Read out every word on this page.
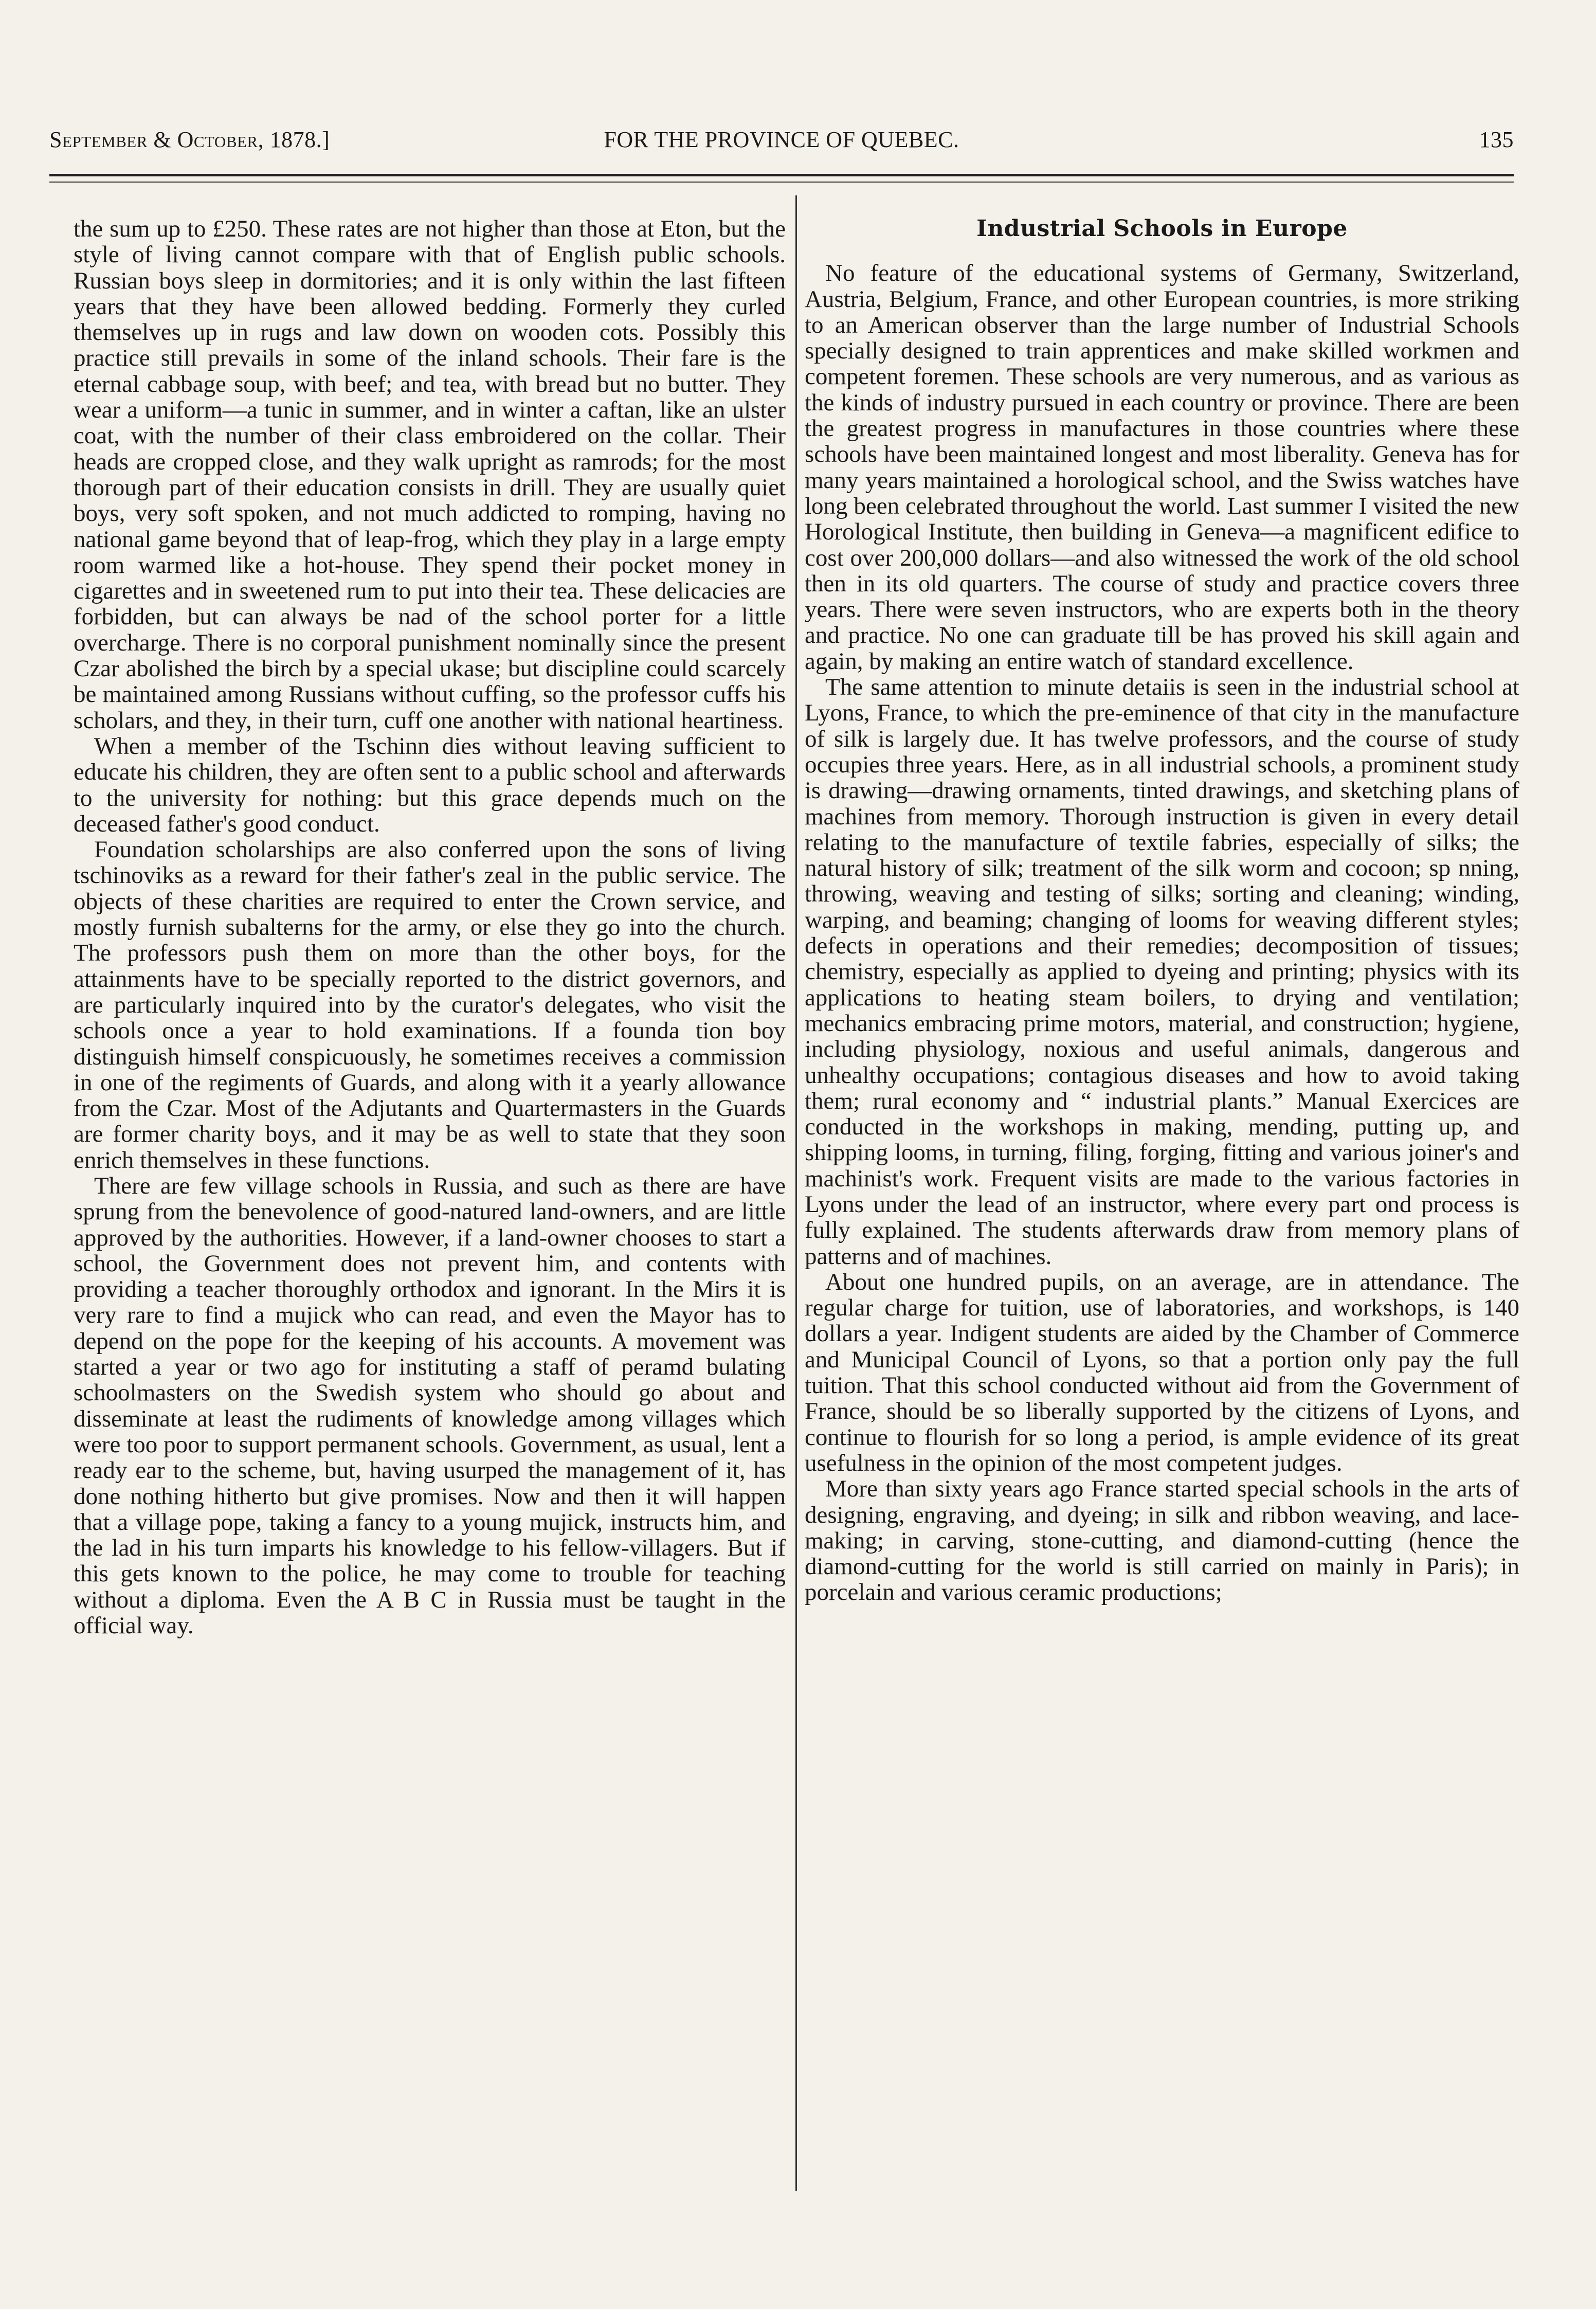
September & October, 1878.]	FOR THE PROVINCE OF QUEBEC.	135

the sum up to £250. These rates are not higher than those at Eton, but the style of living cannot compare with that of English public schools. Russian boys sleep in dormitories; and it is only within the last fifteen years that they have been allowed bedding. Formerly they curled themselves up in rugs and law down on wooden cots. Possibly this practice still prevails in some of the inland schools. Their fare is the eternal cabbage soup, with beef; and tea, with bread but no butter. They wear a uniform—a tunic in summer, and in winter a caftan, like an ulster coat, with the number of their class embroidered on the collar. Their heads are cropped close, and they walk upright as ramrods; for the most thorough part of their education consists in drill. They are usually quiet boys, very soft spoken, and not much addicted to romping, having no national game beyond that of leap-frog, which they play in a large empty room warmed like a hot-house. They spend their pocket money in cigarettes and in sweetened rum to put into their tea. These delicacies are forbidden, but can always be nad of the school porter for a little overcharge. There is no corporal punishment nominally since the present Czar abolished the birch by a special ukase; but discipline could scarcely be maintained among Russians without cuffing, so the professor cuffs his scholars, and they, in their turn, cuff one another with national heartiness.

When a member of the Tschinn dies without leaving sufficient to educate his children, they are often sent to a public school and afterwards to the university for nothing: but this grace depends much on the deceased father's good conduct.

Foundation scholarships are also conferred upon the sons of living tschinoviks as a reward for their father's zeal in the public service. The objects of these charities are required to enter the Crown service, and mostly furnish subalterns for the army, or else they go into the church. The professors push them on more than the other boys, for the attainments have to be specially reported to the district governors, and are particularly inquired into by the curator's delegates, who visit the schools once a year to hold examinations. If a founda tion boy distinguish himself conspicuously, he sometimes receives a commission in one of the regiments of Guards, and along with it a yearly allowance from the Czar. Most of the Adjutants and Quartermasters in the Guards are former charity boys, and it may be as well to state that they soon enrich themselves in these functions.

There are few village schools in Russia, and such as there are have sprung from the benevolence of good-natured land-owners, and are little approved by the authorities. However, if a land-owner chooses to start a school, the Government does not prevent him, and contents with providing a teacher thoroughly orthodox and ignorant. In the Mirs it is very rare to find a mujick who can read, and even the Mayor has to depend on the pope for the keeping of his accounts. A movement was started a year or two ago for instituting a staff of peramd bulating schoolmasters on the Swedish system who should go about and disseminate at least the rudiments of knowledge among villages which were too poor to support permanent schools. Government, as usual, lent a ready ear to the scheme, but, having usurped the management of it, has done nothing hitherto but give promises. Now and then it will happen that a village pope, taking a fancy to a young mujick, instructs him, and the lad in his turn imparts his knowledge to his fellow-villagers. But if this gets known to the police, he may come to trouble for teaching without a diploma. Even the A B C in Russia must be taught in the official way.

Industrial Schools in Europe

No feature of the educational systems of Germany, Switzerland, Austria, Belgium, France, and other European countries, is more striking to an American observer than the large number of Industrial Schools specially designed to train apprentices and make skilled workmen and competent foremen. These schools are very numerous, and as various as the kinds of industry pursued in each country or province. There are been the greatest progress in manufactures in those countries where these schools have been maintained longest and most liberality. Geneva has for many years maintained a horological school, and the Swiss watches have long been celebrated throughout the world. Last summer I visited the new Horological Institute, then building in Geneva—a magnificent edifice to cost over 200,000 dollars—and also witnessed the work of the old school then in its old quarters. The course of study and practice covers three years. There were seven instructors, who are experts both in the theory and practice. No one can graduate till be has proved his skill again and again, by making an entire watch of standard excellence.

The same attention to minute detaiis is seen in the industrial school at Lyons, France, to which the pre-eminence of that city in the manufacture of silk is largely due. It has twelve professors, and the course of study occupies three years. Here, as in all industrial schools, a prominent study is drawing—drawing ornaments, tinted drawings, and sketching plans of machines from memory. Thorough instruction is given in every detail relating to the manufacture of textile fabries, especially of silks; the natural history of silk; treatment of the silk worm and cocoon; sp nning, throwing, weaving and testing of silks; sorting and cleaning; winding, warping, and beaming; changing of looms for weaving different styles; defects in operations and their remedies; decomposition of tissues; chemistry, especially as applied to dyeing and printing; physics with its applications to heating steam boilers, to drying and ventilation; mechanics embracing prime motors, material, and construction; hygiene, including physiology, noxious and useful animals, dangerous and unhealthy occupations; contagious diseases and how to avoid taking them; rural economy and “ industrial plants.” Manual Exercices are conducted in the workshops in making, mending, putting up, and shipping looms, in turning, filing, forging, fitting and various joiner's and machinist's work. Frequent visits are made to the various factories in Lyons under the lead of an instructor, where every part ond process is fully explained. The students afterwards draw from memory plans of patterns and of machines.

About one hundred pupils, on an average, are in attendance. The regular charge for tuition, use of laboratories, and workshops, is 140 dollars a year. Indigent students are aided by the Chamber of Commerce and Municipal Council of Lyons, so that a portion only pay the full tuition. That this school conducted without aid from the Government of France, should be so liberally supported by the citizens of Lyons, and continue to flourish for so long a period, is ample evidence of its great usefulness in the opinion of the most competent judges.

More than sixty years ago France started special schools in the arts of designing, engraving, and dyeing; in silk and ribbon weaving, and lace-making; in carving, stone-cutting, and diamond-cutting (hence the diamond-cutting for the world is still carried on mainly in Paris); in porcelain and various ceramic productions;
